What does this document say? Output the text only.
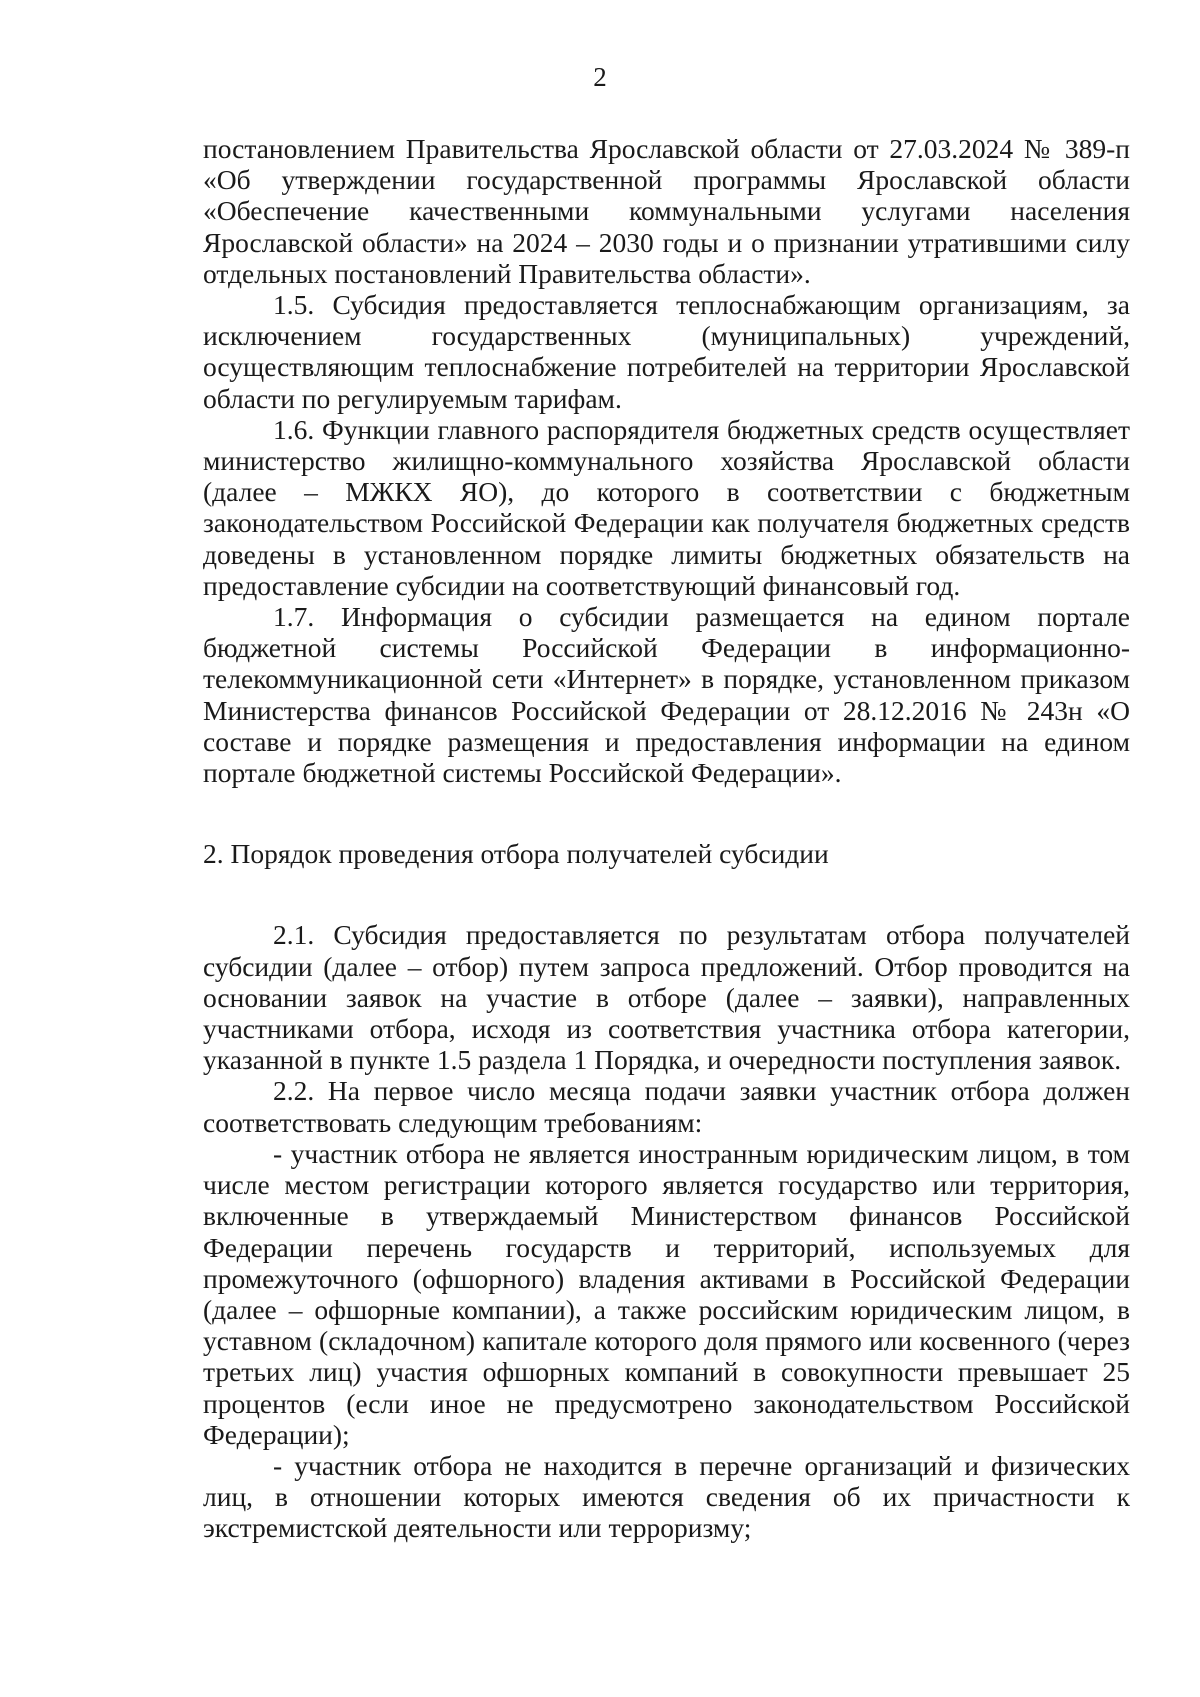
2

постановлением Правительства Ярославской области от 27.03.2024 № 389-п «Об утверждении государственной программы Ярославской области «Обеспечение качественными коммунальными услугами населения Ярославской области» на 2024 – 2030 годы и о признании утратившими силу отдельных постановлений Правительства области».

1.5. Субсидия предоставляется теплоснабжающим организациям, за исключением государственных (муниципальных) учреждений, осуществляющим теплоснабжение потребителей на территории Ярославской области по регулируемым тарифам.

1.6. Функции главного распорядителя бюджетных средств осуществляет министерство жилищно-коммунального хозяйства Ярославской области (далее – МЖКХ ЯО), до которого в соответствии с бюджетным законодательством Российской Федерации как получателя бюджетных средств доведены в установленном порядке лимиты бюджетных обязательств на предоставление субсидии на соответствующий финансовый год.

1.7. Информация о субсидии размещается на едином портале бюджетной системы Российской Федерации в информационно-телекоммуникационной сети «Интернет» в порядке, установленном приказом Министерства финансов Российской Федерации от 28.12.2016 № 243н «О составе и порядке размещения и предоставления информации на едином портале бюджетной системы Российской Федерации».

2. Порядок проведения отбора получателей субсидии

2.1. Субсидия предоставляется по результатам отбора получателей субсидии (далее – отбор) путем запроса предложений. Отбор проводится на основании заявок на участие в отборе (далее – заявки), направленных участниками отбора, исходя из соответствия участника отбора категории, указанной в пункте 1.5 раздела 1 Порядка, и очередности поступления заявок.

2.2. На первое число месяца подачи заявки участник отбора должен соответствовать следующим требованиям:

- участник отбора не является иностранным юридическим лицом, в том числе местом регистрации которого является государство или территория, включенные в утверждаемый Министерством финансов Российской Федерации перечень государств и территорий, используемых для промежуточного (офшорного) владения активами в Российской Федерации (далее – офшорные компании), а также российским юридическим лицом, в уставном (складочном) капитале которого доля прямого или косвенного (через третьих лиц) участия офшорных компаний в совокупности превышает 25 процентов (если иное не предусмотрено законодательством Российской Федерации);

- участник отбора не находится в перечне организаций и физических лиц, в отношении которых имеются сведения об их причастности к экстремистской деятельности или терроризму;
